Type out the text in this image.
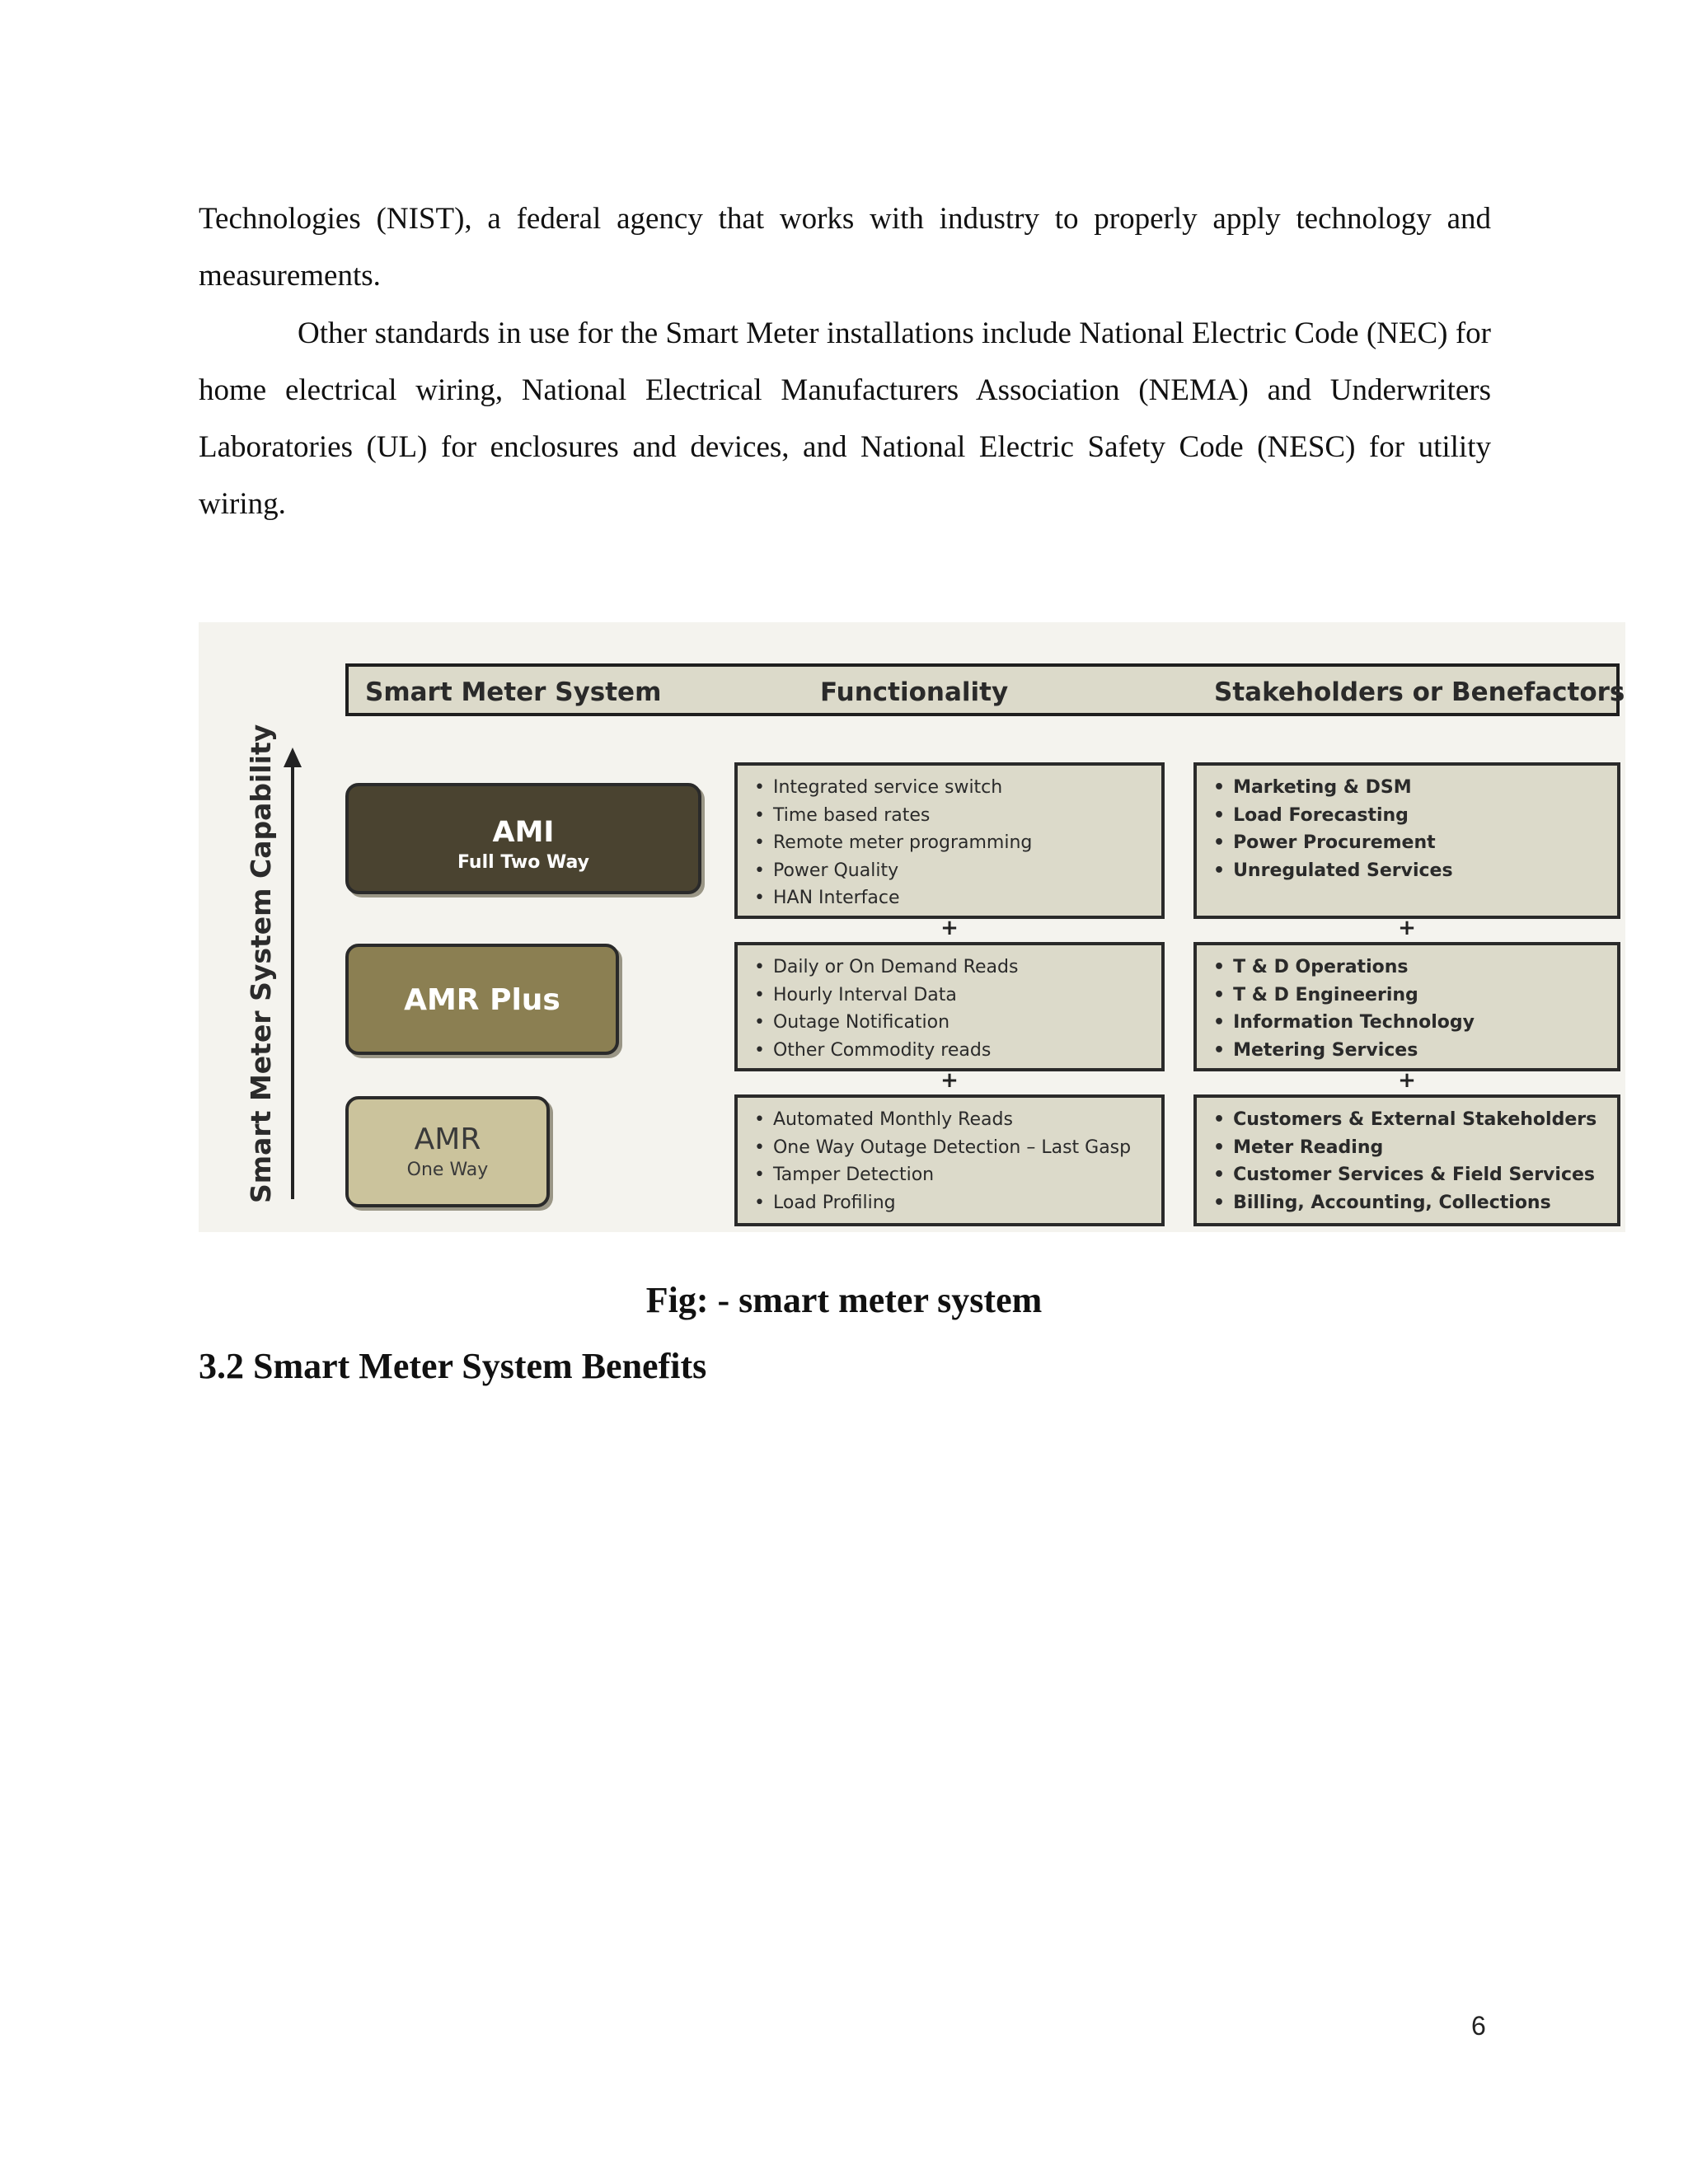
Technologies (NIST), a federal agency that works with industry to properly apply technology and measurements.

Other standards in use for the Smart Meter installations include National Electric Code (NEC) for home electrical wiring, National Electrical Manufacturers Association (NEMA) and Underwriters Laboratories (UL) for enclosures and devices, and National Electric Safety Code (NESC) for utility wiring.

Smart Meter System	Functionality	Stakeholders or Benefactors
Smart Meter System Capability	AMI
Full Two Way
AMR Plus
AMR
One Way
• Integrated service switch
• Time based rates
• Remote meter programming
• Power Quality
• HAN Interface
• Daily or On Demand Reads
• Hourly Interval Data
• Outage Notification
• Other Commodity reads
• Automated Monthly Reads
• One Way Outage Detection – Last Gasp
• Tamper Detection
• Load Profiling
• Marketing & DSM
• Load Forecasting
• Power Procurement
• Unregulated Services
• T & D Operations
• T & D Engineering
• Information Technology
• Metering Services
• Customers & External Stakeholders
• Meter Reading
• Customer Services & Field Services
• Billing, Accounting, Collections
+	+
+	+
Fig: - smart meter system
3.2 Smart Meter System Benefits
6
